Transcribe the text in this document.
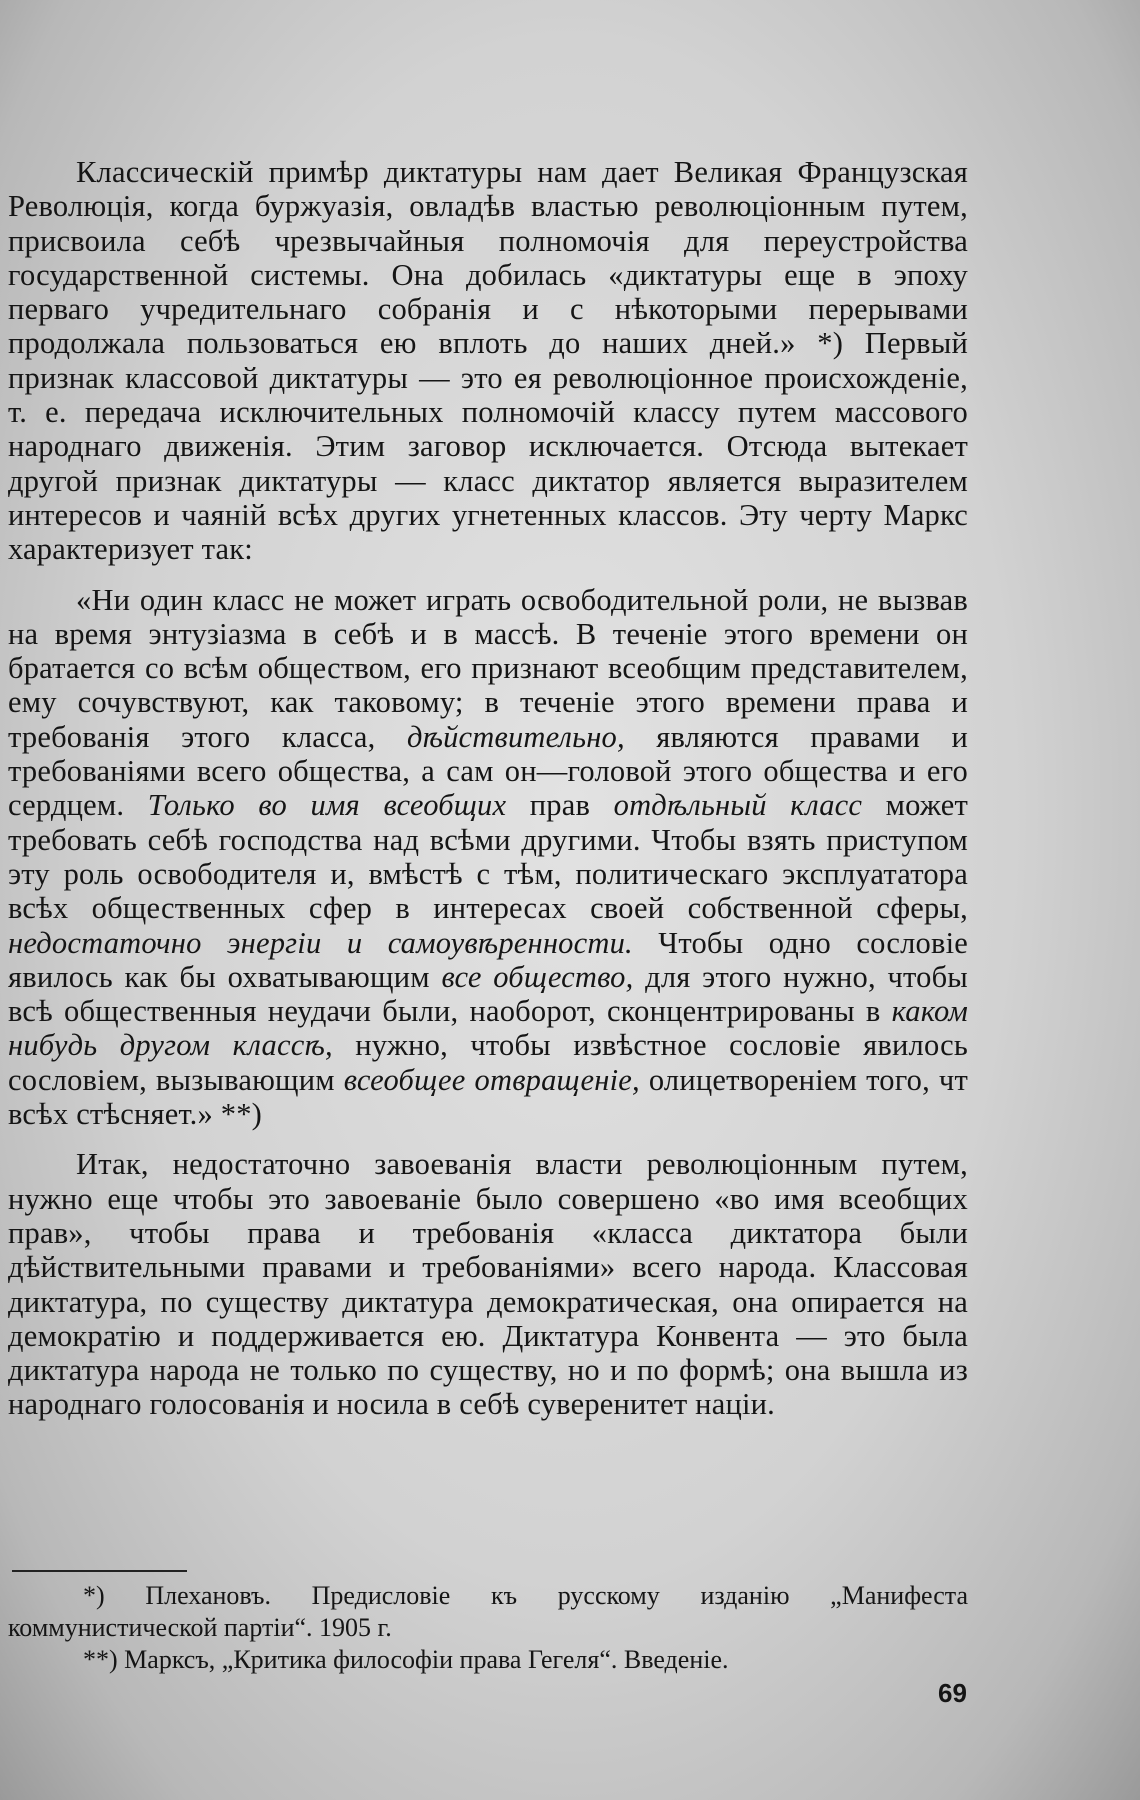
Классическій примѣр диктатуры нам дает Великая Французская Революція, когда буржуазія, овладѣв властью революціонным путем, присвоила себѣ чрезвычайныя полномочія для переустройства государственной системы. Она добилась «диктатуры еще в эпоху перваго учредительнаго собранія и с нѣкоторыми перерывами продолжала пользоваться ею вплоть до наших дней.» *) Первый признак классовой диктатуры — это ея революціонное происхожденіе, т. е. передача исключительных полномочій классу путем массового народнаго движенія. Этим заговор исключается. Отсюда вытекает другой признак диктатуры — класс диктатор является выразителем интересов и чаяній всѣх других угнетенных классов. Эту черту Маркс характеризует так:

«Ни один класс не может играть освободительной роли, не вызвав на время энтузіазма в себѣ и в массѣ. В теченіе этого времени он братается со всѣм обществом, его признают всеобщим представителем, ему сочувствуют, как таковому; в теченіе этого времени права и требованія этого класса, дѣйствительно, являются правами и требованіями всего общества, а сам он—головой этого общества и его сердцем. Только во имя всеобщих прав отдѣльный класс может требовать себѣ господства над всѣми другими. Чтобы взять приступом эту роль освободителя и, вмѣстѣ с тѣм, политическаго эксплуататора всѣх общественных сфер в интересах своей собственной сферы, недостаточно энергіи и самоувѣренности. Чтобы одно сословіе явилось как бы охватывающим все общество, для этого нужно, чтобы всѣ общественныя неудачи были, наоборот, сконцентрированы в каком нибудь другом классѣ, нужно, чтобы извѣстное сословіе явилось сословіем, вызывающим всеобщее отвращеніе, олицетвореніем того, чт всѣх стѣсняет.» **)

Итак, недостаточно завоеванія власти революціонным путем, нужно еще чтобы это завоеваніе было совершено «во имя всеобщих прав», чтобы права и требованія «класса диктатора были дѣйствительными правами и требованіями» всего народа. Классовая диктатура, по существу диктатура демократическая, она опирается на демократію и поддерживается ею. Диктатура Конвента — это была диктатура народа не только по существу, но и по формѣ; она вышла из народнаго голосованія и носила в себѣ суверенитет націи.

*) Плехановъ. Предисловіе къ русскому изданію „Манифеста коммунистической партіи“. 1905 г.
**) Марксъ, „Критика философіи права Гегеля“. Введеніе.
69
